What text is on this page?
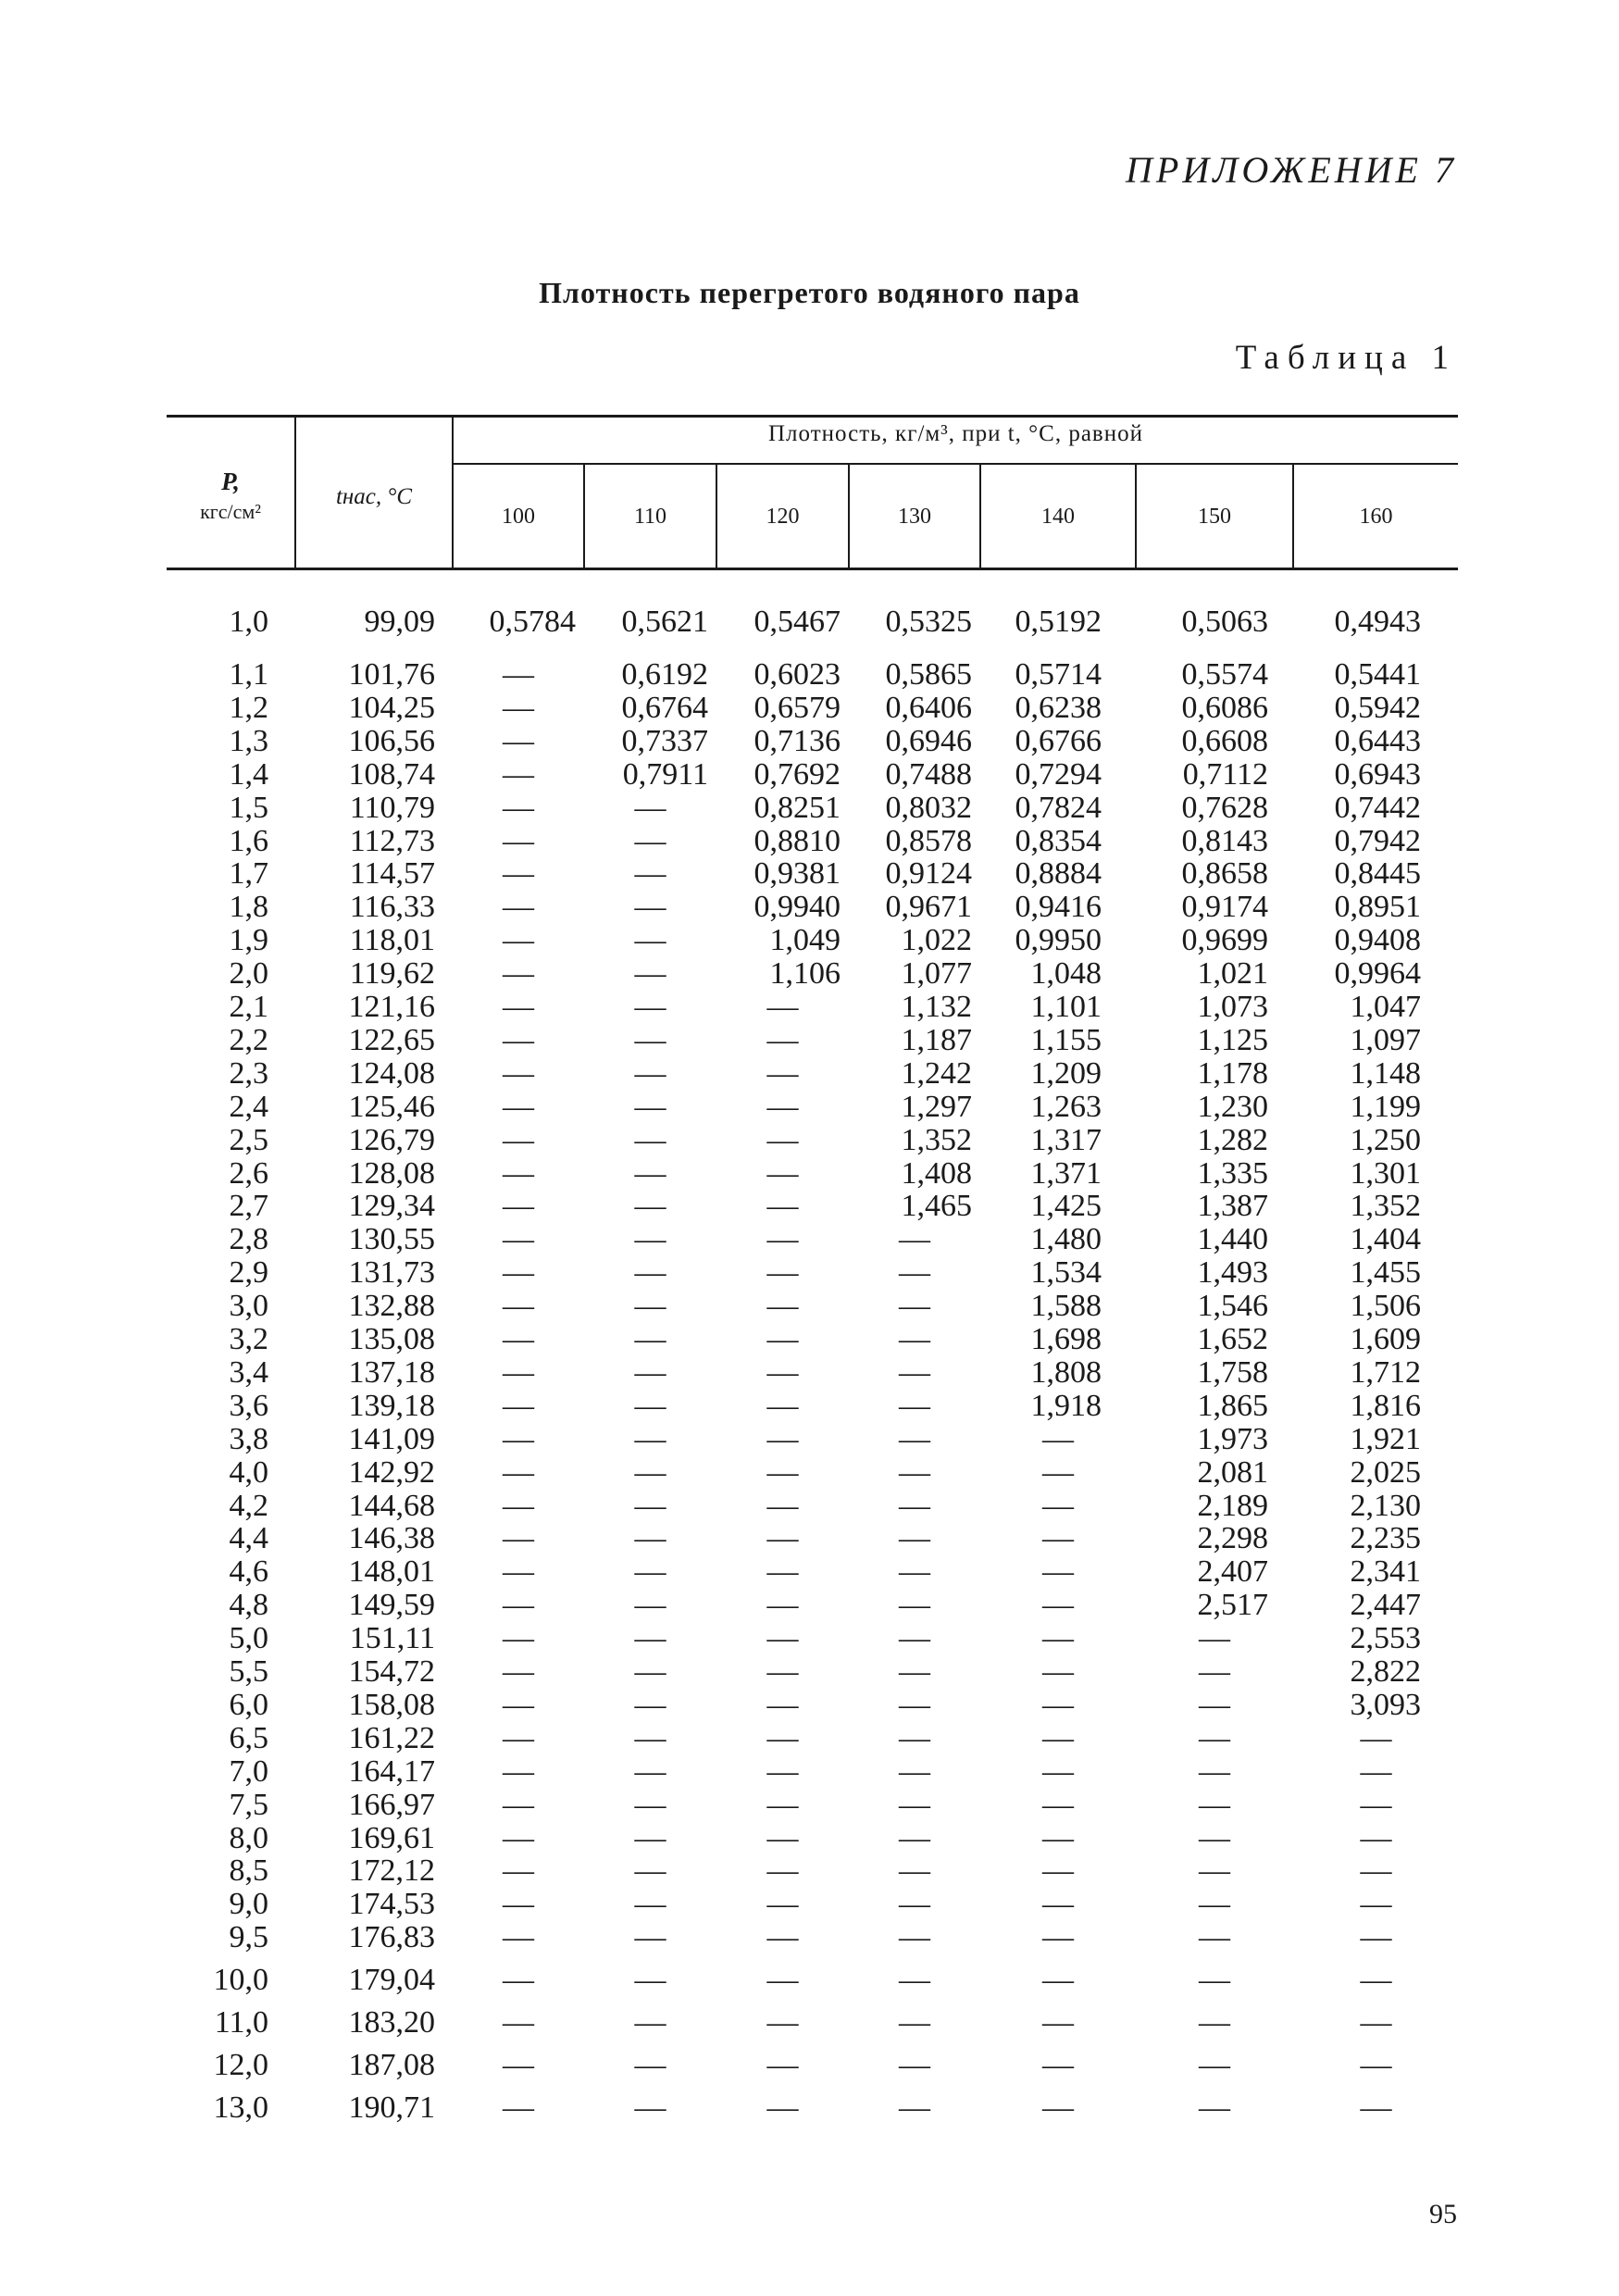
ПРИЛОЖЕНИЕ 7
Плотность перегретого водяного пара
Таблица 1
P,
кгс/см²
tнас, °С
Плотность, кг/м³, при t, °С, равной
100	110	120	130	140	150	160
1,0	99,09	0,5784	0,5621	0,5467	0,5325	0,5192	0,5063	0,4943
1,1	101,76	—	0,6192	0,6023	0,5865	0,5714	0,5574	0,5441
1,2	104,25	—	0,6764	0,6579	0,6406	0,6238	0,6086	0,5942
1,3	106,56	—	0,7337	0,7136	0,6946	0,6766	0,6608	0,6443
1,4	108,74	—	0,7911	0,7692	0,7488	0,7294	0,7112	0,6943
1,5	110,79	—	—	0,8251	0,8032	0,7824	0,7628	0,7442
1,6	112,73	—	—	0,8810	0,8578	0,8354	0,8143	0,7942
1,7	114,57	—	—	0,9381	0,9124	0,8884	0,8658	0,8445
1,8	116,33	—	—	0,9940	0,9671	0,9416	0,9174	0,8951
1,9	118,01	—	—	1,049	1,022	0,9950	0,9699	0,9408
2,0	119,62	—	—	1,106	1,077	1,048	1,021	0,9964
2,1	121,16	—	—	—	1,132	1,101	1,073	1,047
2,2	122,65	—	—	—	1,187	1,155	1,125	1,097
2,3	124,08	—	—	—	1,242	1,209	1,178	1,148
2,4	125,46	—	—	—	1,297	1,263	1,230	1,199
2,5	126,79	—	—	—	1,352	1,317	1,282	1,250
2,6	128,08	—	—	—	1,408	1,371	1,335	1,301
2,7	129,34	—	—	—	1,465	1,425	1,387	1,352
2,8	130,55	—	—	—	—	1,480	1,440	1,404
2,9	131,73	—	—	—	—	1,534	1,493	1,455
3,0	132,88	—	—	—	—	1,588	1,546	1,506
3,2	135,08	—	—	—	—	1,698	1,652	1,609
3,4	137,18	—	—	—	—	1,808	1,758	1,712
3,6	139,18	—	—	—	—	1,918	1,865	1,816
3,8	141,09	—	—	—	—	—	1,973	1,921
4,0	142,92	—	—	—	—	—	2,081	2,025
4,2	144,68	—	—	—	—	—	2,189	2,130
4,4	146,38	—	—	—	—	—	2,298	2,235
4,6	148,01	—	—	—	—	—	2,407	2,341
4,8	149,59	—	—	—	—	—	2,517	2,447
5,0	151,11	—	—	—	—	—	—	2,553
5,5	154,72	—	—	—	—	—	—	2,822
6,0	158,08	—	—	—	—	—	—	3,093
6,5	161,22	—	—	—	—	—	—	—
7,0	164,17	—	—	—	—	—	—	—
7,5	166,97	—	—	—	—	—	—	—
8,0	169,61	—	—	—	—	—	—	—
8,5	172,12	—	—	—	—	—	—	—
9,0	174,53	—	—	—	—	—	—	—
9,5	176,83	—	—	—	—	—	—	—
10,0	179,04	—	—	—	—	—	—	—
11,0	183,20	—	—	—	—	—	—	—
12,0	187,08	—	—	—	—	—	—	—
13,0	190,71	—	—	—	—	—	—	—
95
